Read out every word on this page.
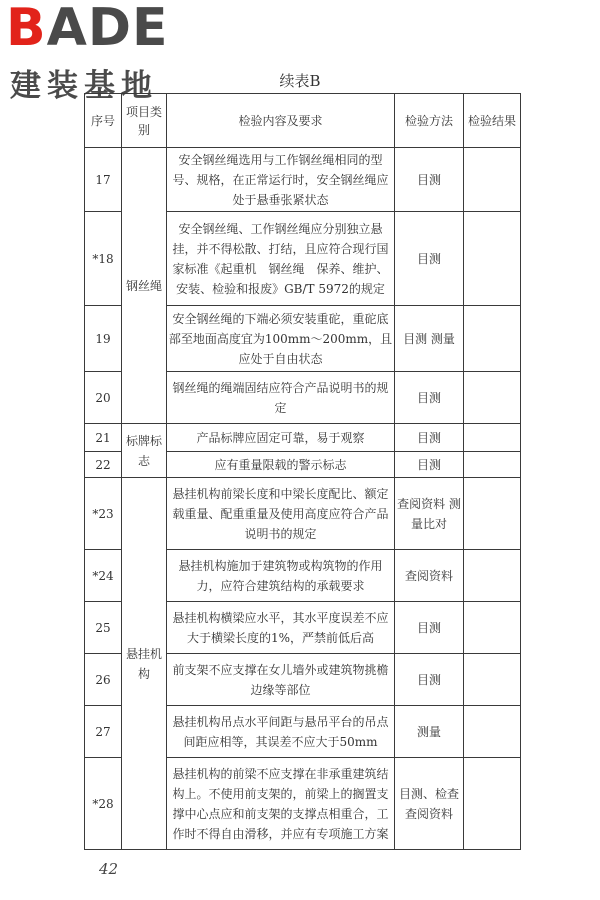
BADE
建装基地	续表B
序号	项目类别	检验内容及要求	检验方法	检验结果
17	钢丝绳	安全钢丝绳选用与工作钢丝绳相同的型号、规格，在正常运行时，安全钢丝绳应处于悬垂张紧状态	目测	
*18		安全钢丝绳、工作钢丝绳应分别独立悬挂，并不得松散、打结，且应符合现行国家标准《起重机　钢丝绳　保养、维护、安装、检验和报废》GB/T 5972的规定	目测	
19		安全钢丝绳的下端必须安装重砣，重砣底部至地面高度宜为100mm～200mm，且应处于自由状态	目测 测量	
20		钢丝绳的绳端固结应符合产品说明书的规定	目测	
21	标牌标志	产品标牌应固定可靠，易于观察	目测	
22		应有重量限载的警示标志	目测	
*23	悬挂机构	悬挂机构前梁长度和中梁长度配比、额定载重量、配重重量及使用高度应符合产品说明书的规定	查阅资料 测量比对	
*24		悬挂机构施加于建筑物或构筑物的作用力，应符合建筑结构的承载要求	查阅资料	
25		悬挂机构横梁应水平，其水平度误差不应大于横梁长度的1%，严禁前低后高	目测	
26		前支架不应支撑在女儿墙外或建筑物挑檐边缘等部位	目测	
27		悬挂机构吊点水平间距与悬吊平台的吊点间距应相等，其误差不应大于50mm	测量	
*28		悬挂机构的前梁不应支撑在非承重建筑结构上。不使用前支架的，前梁上的搁置支撑中心点应和前支架的支撑点相重合，工作时不得自由滑移，并应有专项施工方案	目测、检查 查阅资料	
42
